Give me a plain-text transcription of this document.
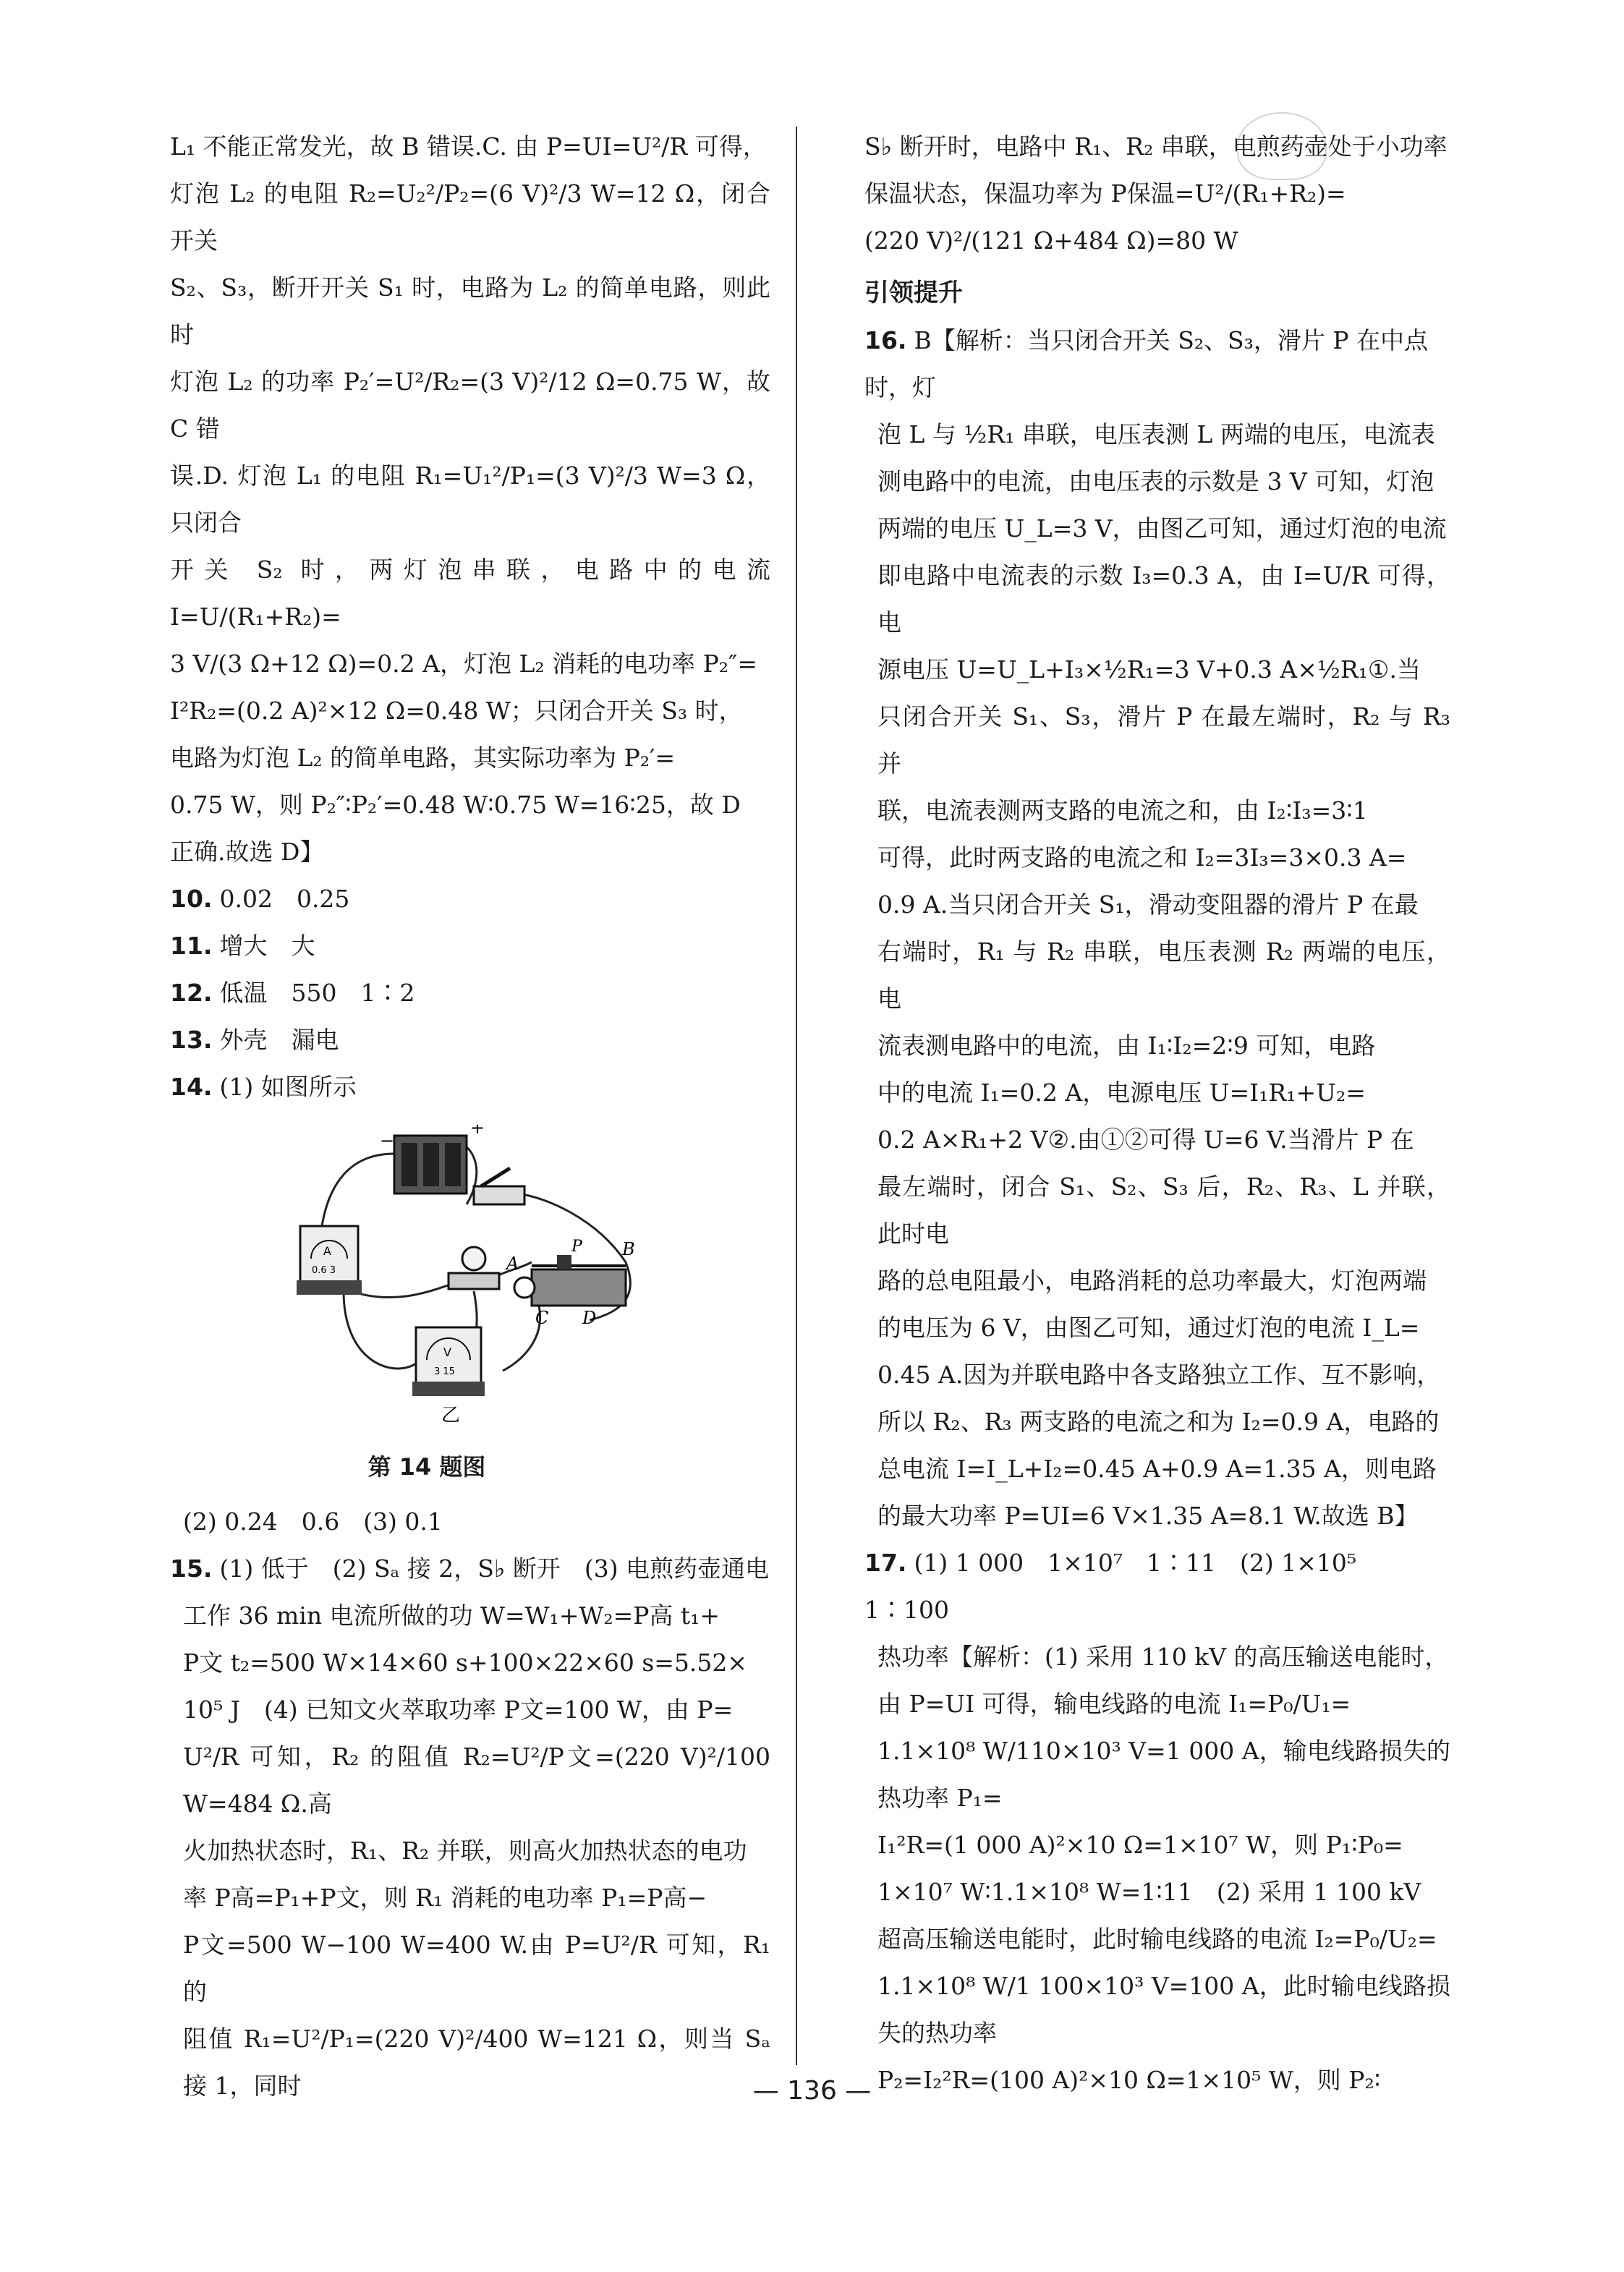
L₁ 不能正常发光，故 B 错误.C. 由 P=UI=U²/R 可得，

灯泡 L₂ 的电阻 R₂=U₂²/P₂=(6 V)²/3 W=12 Ω，闭合开关

S₂、S₃，断开开关 S₁ 时，电路为 L₂ 的简单电路，则此时

灯泡 L₂ 的功率 P₂′=U²/R₂=(3 V)²/12 Ω=0.75 W，故 C 错

误.D. 灯泡 L₁ 的电阻 R₁=U₁²/P₁=(3 V)²/3 W=3 Ω，只闭合

开关 S₂ 时，两灯泡串联，电路中的电流 I=U/(R₁+R₂)=

3 V/(3 Ω+12 Ω)=0.2 A，灯泡 L₂ 消耗的电功率 P₂″=

I²R₂=(0.2 A)²×12 Ω=0.48 W；只闭合开关 S₃ 时，

电路为灯泡 L₂ 的简单电路，其实际功率为 P₂′=

0.75 W，则 P₂″∶P₂′=0.48 W∶0.75 W=16∶25，故 D

正确.故选 D】

10. 0.02　0.25

11. 增大　大

12. 低温　550　1∶2

13. 外壳　漏电

14. (1) 如图所示

−
+
A
0.6 3	A
B
C D
P
V
3 15
乙
第 14 题图

(2) 0.24　0.6　(3) 0.1

15. (1) 低于　(2) Sₐ 接 2，S♭ 断开　(3) 电煎药壶通电

工作 36 min 电流所做的功 W=W₁+W₂=P高 t₁+

P文 t₂=500 W×14×60 s+100×22×60 s=5.52×

10⁵ J　(4) 已知文火萃取功率 P文=100 W，由 P=

U²/R 可知，R₂ 的阻值 R₂=U²/P文=(220 V)²/100 W=484 Ω.高

火加热状态时，R₁、R₂ 并联，则高火加热状态的电功

率 P高=P₁+P文，则 R₁ 消耗的电功率 P₁=P高−

P文=500 W−100 W=400 W.由 P=U²/R 可知，R₁ 的

阻值 R₁=U²/P₁=(220 V)²/400 W=121 Ω，则当 Sₐ 接 1，同时

S♭ 断开时，电路中 R₁、R₂ 串联，电煎药壶处于小功率

保温状态，保温功率为 P保温=U²/(R₁+R₂)=

(220 V)²/(121 Ω+484 Ω)=80 W

引领提升

16. B【解析：当只闭合开关 S₂、S₃，滑片 P 在中点时，灯

泡 L 与 ½R₁ 串联，电压表测 L 两端的电压，电流表

测电路中的电流，由电压表的示数是 3 V 可知，灯泡

两端的电压 U_L=3 V，由图乙可知，通过灯泡的电流

即电路中电流表的示数 I₃=0.3 A，由 I=U/R 可得，电

源电压 U=U_L+I₃×½R₁=3 V+0.3 A×½R₁①.当

只闭合开关 S₁、S₃，滑片 P 在最左端时，R₂ 与 R₃ 并

联，电流表测两支路的电流之和，由 I₂∶I₃=3∶1

可得，此时两支路的电流之和 I₂=3I₃=3×0.3 A=

0.9 A.当只闭合开关 S₁，滑动变阻器的滑片 P 在最

右端时，R₁ 与 R₂ 串联，电压表测 R₂ 两端的电压，电

流表测电路中的电流，由 I₁∶I₂=2∶9 可知，电路

中的电流 I₁=0.2 A，电源电压 U=I₁R₁+U₂=

0.2 A×R₁+2 V②.由①②可得 U=6 V.当滑片 P 在

最左端时，闭合 S₁、S₂、S₃ 后，R₂、R₃、L 并联，此时电

路的总电阻最小，电路消耗的总功率最大，灯泡两端

的电压为 6 V，由图乙可知，通过灯泡的电流 I_L=

0.45 A.因为并联电路中各支路独立工作、互不影响，

所以 R₂、R₃ 两支路的电流之和为 I₂=0.9 A，电路的

总电流 I=I_L+I₂=0.45 A+0.9 A=1.35 A，则电路

的最大功率 P=UI=6 V×1.35 A=8.1 W.故选 B】

17. (1) 1 000　1×10⁷　1∶11　(2) 1×10⁵　1∶100

热功率【解析：(1) 采用 110 kV 的高压输送电能时，

由 P=UI 可得，输电线路的电流 I₁=P₀/U₁=

1.1×10⁸ W/110×10³ V=1 000 A，输电线路损失的热功率 P₁=

I₁²R=(1 000 A)²×10 Ω=1×10⁷ W，则 P₁∶P₀=

1×10⁷ W∶1.1×10⁸ W=1∶11　(2) 采用 1 100 kV

超高压输送电能时，此时输电线路的电流 I₂=P₀/U₂=

1.1×10⁸ W/1 100×10³ V=100 A，此时输电线路损失的热功率

P₂=I₂²R=(100 A)²×10 Ω=1×10⁵ W，则 P₂∶

— 136 —
